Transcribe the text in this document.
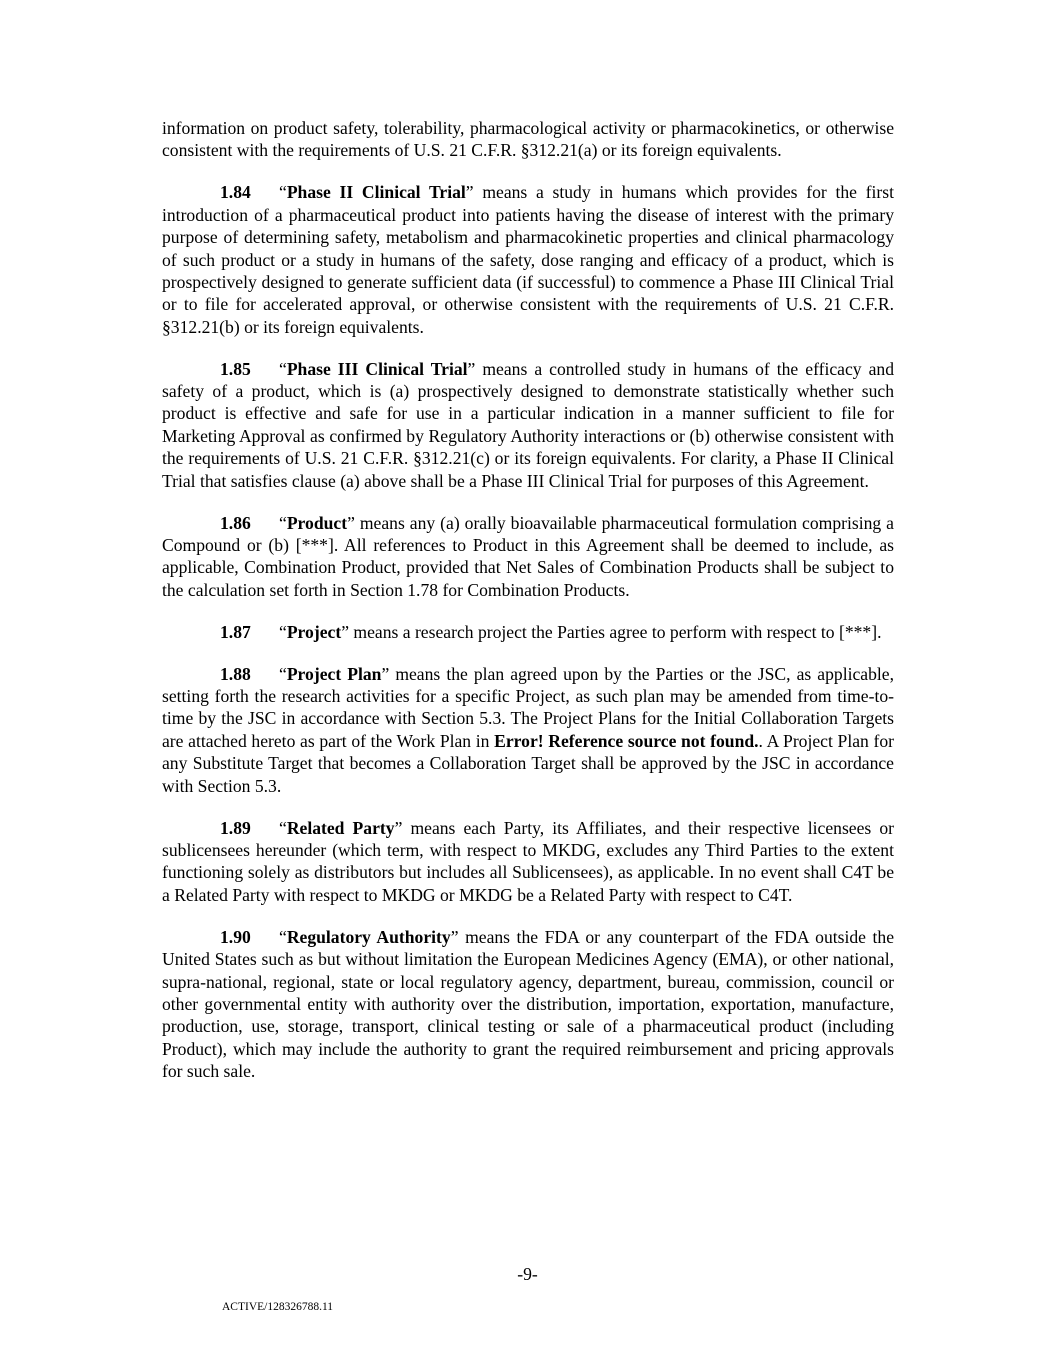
information on product safety, tolerability, pharmacological activity or pharmacokinetics, or otherwise consistent with the requirements of U.S. 21 C.F.R. §312.21(a) or its foreign equivalents.

1.84 “Phase II Clinical Trial” means a study in humans which provides for the first introduction of a pharmaceutical product into patients having the disease of interest with the primary purpose of determining safety, metabolism and pharmacokinetic properties and clinical pharmacology of such product or a study in humans of the safety, dose ranging and efficacy of a product, which is prospectively designed to generate sufficient data (if successful) to commence a Phase III Clinical Trial or to file for accelerated approval, or otherwise consistent with the requirements of U.S. 21 C.F.R. §312.21(b) or its foreign equivalents.

1.85 “Phase III Clinical Trial” means a controlled study in humans of the efficacy and safety of a product, which is (a) prospectively designed to demonstrate statistically whether such product is effective and safe for use in a particular indication in a manner sufficient to file for Marketing Approval as confirmed by Regulatory Authority interactions or (b) otherwise consistent with the requirements of U.S. 21 C.F.R. §312.21(c) or its foreign equivalents. For clarity, a Phase II Clinical Trial that satisfies clause (a) above shall be a Phase III Clinical Trial for purposes of this Agreement.

1.86 “Product” means any (a) orally bioavailable pharmaceutical formulation comprising a Compound or (b) [***]. All references to Product in this Agreement shall be deemed to include, as applicable, Combination Product, provided that Net Sales of Combination Products shall be subject to the calculation set forth in Section 1.78 for Combination Products.

1.87 “Project” means a research project the Parties agree to perform with respect to [***].

1.88 “Project Plan” means the plan agreed upon by the Parties or the JSC, as applicable, setting forth the research activities for a specific Project, as such plan may be amended from time-to-time by the JSC in accordance with Section 5.3. The Project Plans for the Initial Collaboration Targets are attached hereto as part of the Work Plan in Error! Reference source not found.. A Project Plan for any Substitute Target that becomes a Collaboration Target shall be approved by the JSC in accordance with Section 5.3.

1.89 “Related Party” means each Party, its Affiliates, and their respective licensees or sublicensees hereunder (which term, with respect to MKDG, excludes any Third Parties to the extent functioning solely as distributors but includes all Sublicensees), as applicable. In no event shall C4T be a Related Party with respect to MKDG or MKDG be a Related Party with respect to C4T.

1.90 “Regulatory Authority” means the FDA or any counterpart of the FDA outside the United States such as but without limitation the European Medicines Agency (EMA), or other national, supra-national, regional, state or local regulatory agency, department, bureau, commission, council or other governmental entity with authority over the distribution, importation, exportation, manufacture, production, use, storage, transport, clinical testing or sale of a pharmaceutical product (including Product), which may include the authority to grant the required reimbursement and pricing approvals for such sale.

-9-
ACTIVE/128326788.11
